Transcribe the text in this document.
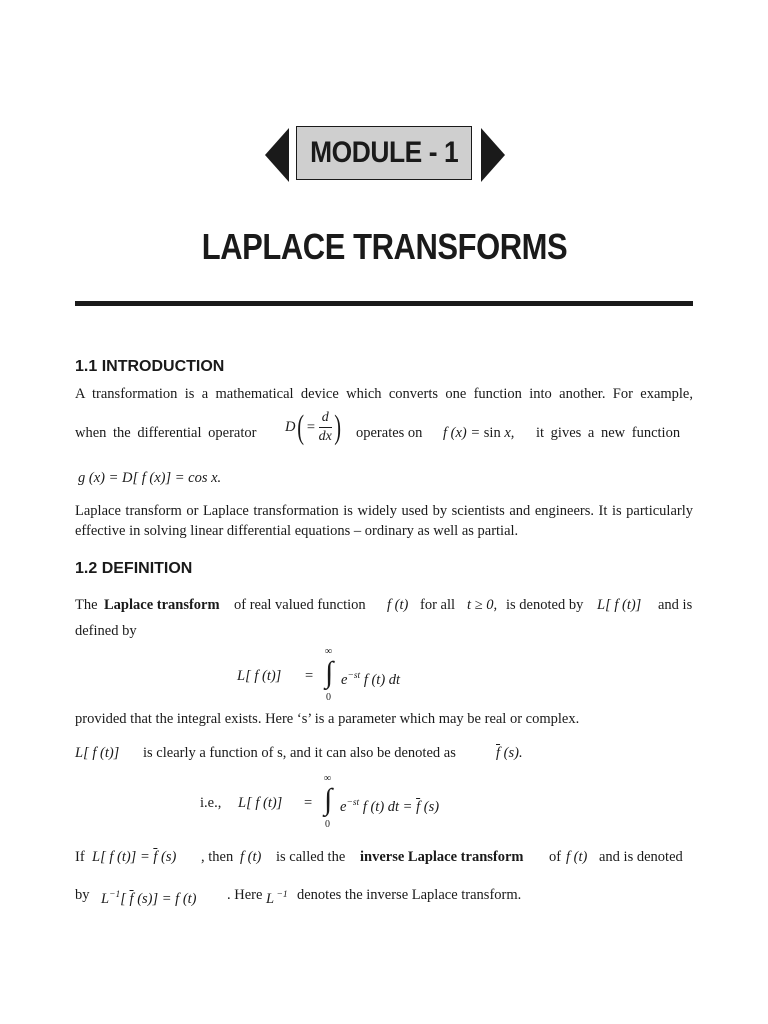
MODULE - 1
LAPLACE TRANSFORMS
1.1 INTRODUCTION
A transformation is a mathematical device which converts one function into another. For example,
when the differential operator $D( = \frac{d}{dx}$ ) operates on f (x) = sin x, it gives a new function
g (x) = D[ f (x)] = cos x.
Laplace transform or Laplace transformation is widely used by scientists and engineers. It is particularly effective in solving linear differential equations – ordinary as well as partial.
1.2 DEFINITION
The Laplace transform of real valued function f (t) for all t ≥ 0, is denoted by L[ f (t)] and is
defined by
L[ f (t)] =
∞
∫
0
$e^{-st}$ f (t) dt
provided that the integral exists. Here ‘s’ is a parameter which may be real or complex.
L[ f (t)] is clearly a function of s, and it can also be denoted as	$\overline{f}$ (s).
i.e., L[ f (t)] =
∞
∫
0
$e^{-st}$ f (t) dt = $\overline{f}$ (s)
If L[ f $(t)] = \overline{f}$ (s) , then f (t) is called the inverse Laplace transform of f (t) and is denoted
by $L^{-1}$[ $\overline{f}$ (s)] = f (t) . Here L $^{-1}$ denotes the inverse Laplace transform.
